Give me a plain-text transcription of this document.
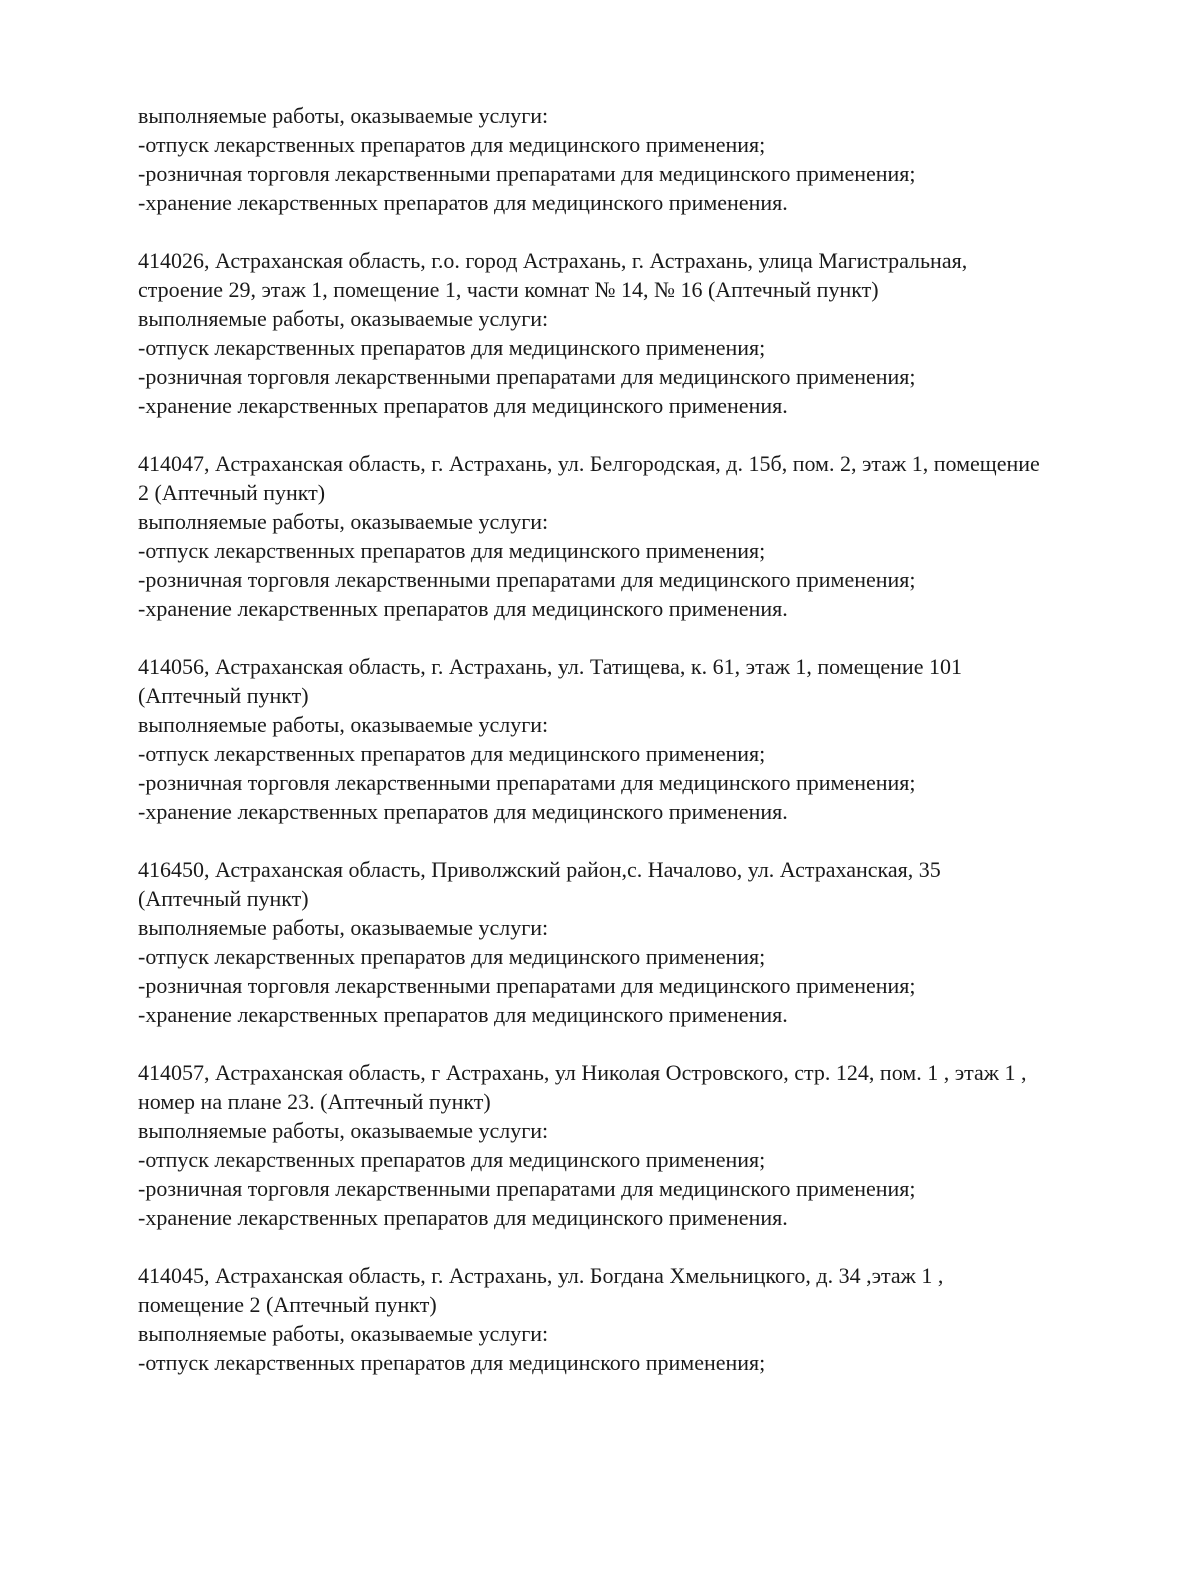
выполняемые работы, оказываемые услуги:
-отпуск лекарственных препаратов для медицинского применения;
-розничная торговля лекарственными препаратами для медицинского применения;
-хранение лекарственных препаратов для медицинского применения.
414026, Астраханская область, г.о. город Астрахань, г. Астрахань, улица Магистральная,
строение 29, этаж 1, помещение 1, части комнат № 14, № 16 (Аптечный пункт)
выполняемые работы, оказываемые услуги:
-отпуск лекарственных препаратов для медицинского применения;
-розничная торговля лекарственными препаратами для медицинского применения;
-хранение лекарственных препаратов для медицинского применения.
414047, Астраханская область, г. Астрахань, ул. Белгородская, д. 15б, пом. 2, этаж 1, помещение
2 (Аптечный пункт)
выполняемые работы, оказываемые услуги:
-отпуск лекарственных препаратов для медицинского применения;
-розничная торговля лекарственными препаратами для медицинского применения;
-хранение лекарственных препаратов для медицинского применения.
414056, Астраханская область, г. Астрахань, ул. Татищева, к. 61, этаж 1, помещение 101
(Аптечный пункт)
выполняемые работы, оказываемые услуги:
-отпуск лекарственных препаратов для медицинского применения;
-розничная торговля лекарственными препаратами для медицинского применения;
-хранение лекарственных препаратов для медицинского применения.
416450, Астраханская область, Приволжский район,с. Началово, ул. Астраханская, 35
(Аптечный пункт)
выполняемые работы, оказываемые услуги:
-отпуск лекарственных препаратов для медицинского применения;
-розничная торговля лекарственными препаратами для медицинского применения;
-хранение лекарственных препаратов для медицинского применения.
414057, Астраханская область, г Астрахань, ул Николая Островского, стр. 124, пом. 1 , этаж 1 ,
номер на плане 23. (Аптечный пункт)
выполняемые работы, оказываемые услуги:
-отпуск лекарственных препаратов для медицинского применения;
-розничная торговля лекарственными препаратами для медицинского применения;
-хранение лекарственных препаратов для медицинского применения.
414045, Астраханская область, г. Астрахань, ул. Богдана Хмельницкого, д. 34 ,этаж 1 ,
помещение 2 (Аптечный пункт)
выполняемые работы, оказываемые услуги:
-отпуск лекарственных препаратов для медицинского применения;
